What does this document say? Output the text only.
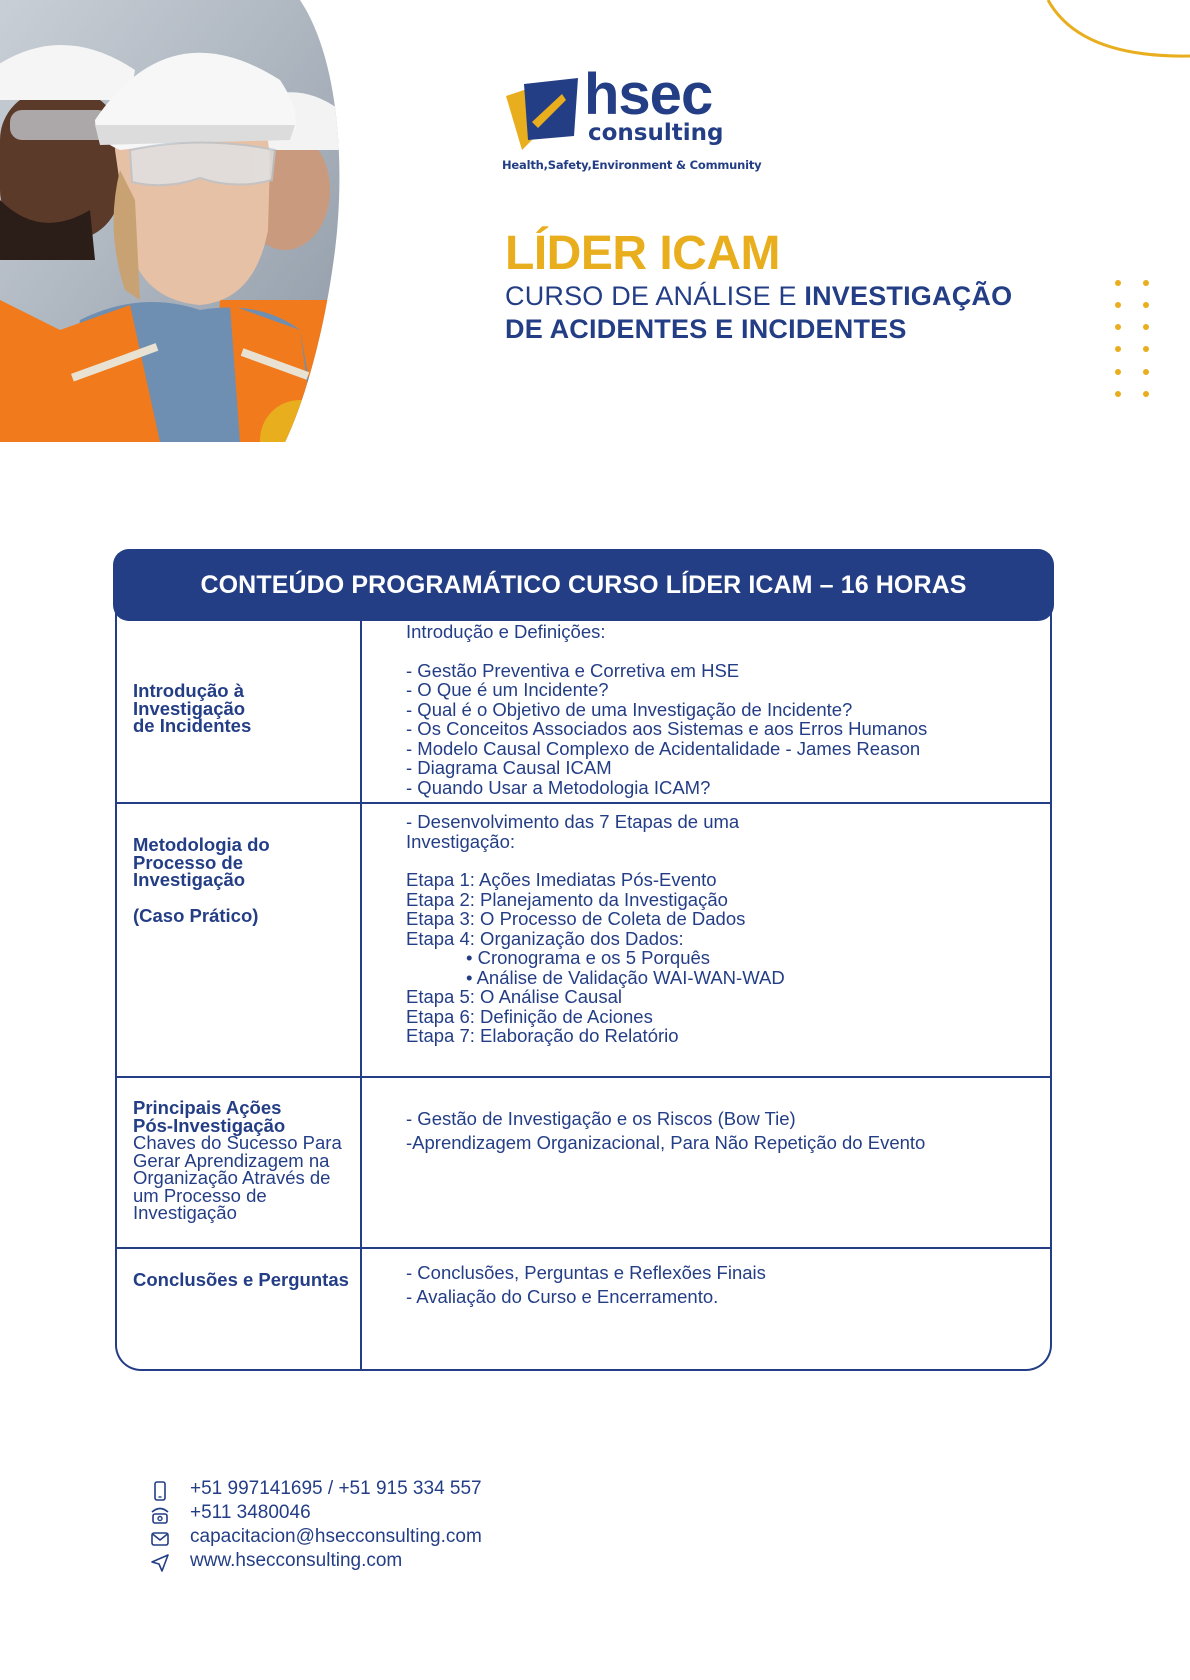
hsec
consulting
Health,Safety,Environment & Community
LÍDER ICAM
CURSO DE ANÁLISE E INVESTIGAÇÃO
DE ACIDENTES E INCIDENTES
Introdução à Investigação
de Incidentes
Introdução e Definições:
- Gestão Preventiva e Corretiva em HSE
- O Que é um Incidente?
- Qual é o Objetivo de uma Investigação de Incidente?
- Os Conceitos Associados aos Sistemas e aos Erros Humanos
- Modelo Causal Complexo de Acidentalidade - James Reason
- Diagrama Causal ICAM
- Quando Usar a Metodologia ICAM?
Metodologia do
Processo de
Investigação
(Caso Prático)
- Desenvolvimento das 7 Etapas de uma
Investigação:
Etapa 1: Ações Imediatas Pós-Evento
Etapa 2: Planejamento da Investigação
Etapa 3: O Processo de Coleta de Dados
Etapa 4: Organização dos Dados:
• Cronograma e os 5 Porquês
• Análise de Validação WAI-WAN-WAD
Etapa 5: O Análise Causal
Etapa 6: Definição de Aciones
Etapa 7: Elaboração do Relatório
Principais Ações
Pós-Investigação
Chaves do Sucesso Para
Gerar Aprendizagem na
Organização Através de
um Processo de
Investigação
- Gestão de Investigação e os Riscos (Bow Tie)
-Aprendizagem Organizacional, Para Não Repetição do Evento
Conclusões e Perguntas	- Conclusões, Perguntas e Reflexões Finais
- Avaliação do Curso e Encerramento.
CONTEÚDO PROGRAMÁTICO CURSO LÍDER ICAM – 16 HORAS
+51 997141695 / +51 915 334 557
+511 3480046
capacitacion@hsecconsulting.com
www.hsecconsulting.com
